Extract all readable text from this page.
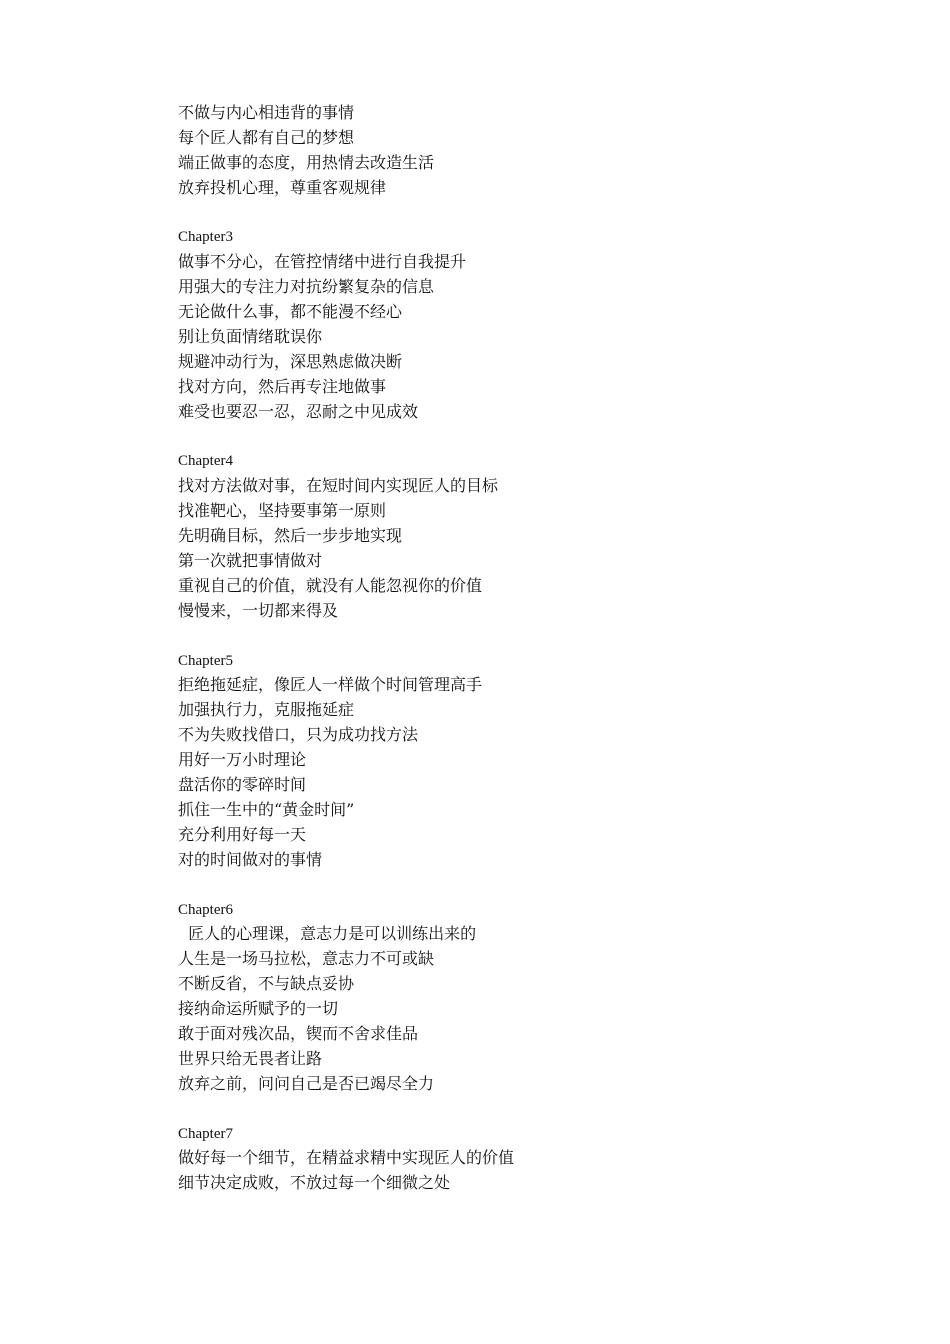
不做与内心相违背的事情
每个匠人都有自己的梦想
端正做事的态度，用热情去改造生活
放弃投机心理，尊重客观规律
Chapter3
做事不分心，在管控情绪中进行自我提升
用强大的专注力对抗纷繁复杂的信息
无论做什么事，都不能漫不经心
别让负面情绪耽误你
规避冲动行为，深思熟虑做决断
找对方向，然后再专注地做事
难受也要忍一忍，忍耐之中见成效
Chapter4
找对方法做对事，在短时间内实现匠人的目标
找准靶心，坚持要事第一原则
先明确目标，然后一步步地实现
第一次就把事情做对
重视自己的价值，就没有人能忽视你的价值
慢慢来，一切都来得及
Chapter5
拒绝拖延症，像匠人一样做个时间管理高手
加强执行力，克服拖延症
不为失败找借口，只为成功找方法
用好一万小时理论
盘活你的零碎时间
抓住一生中的“黄金时间”
充分利用好每一天
对的时间做对的事情
Chapter6
匠人的心理课，意志力是可以训练出来的
人生是一场马拉松，意志力不可或缺
不断反省，不与缺点妥协
接纳命运所赋予的一切
敢于面对残次品，锲而不舍求佳品
世界只给无畏者让路
放弃之前，问问自己是否已竭尽全力
Chapter7
做好每一个细节，在精益求精中实现匠人的价值
细节决定成败，不放过每一个细微之处
